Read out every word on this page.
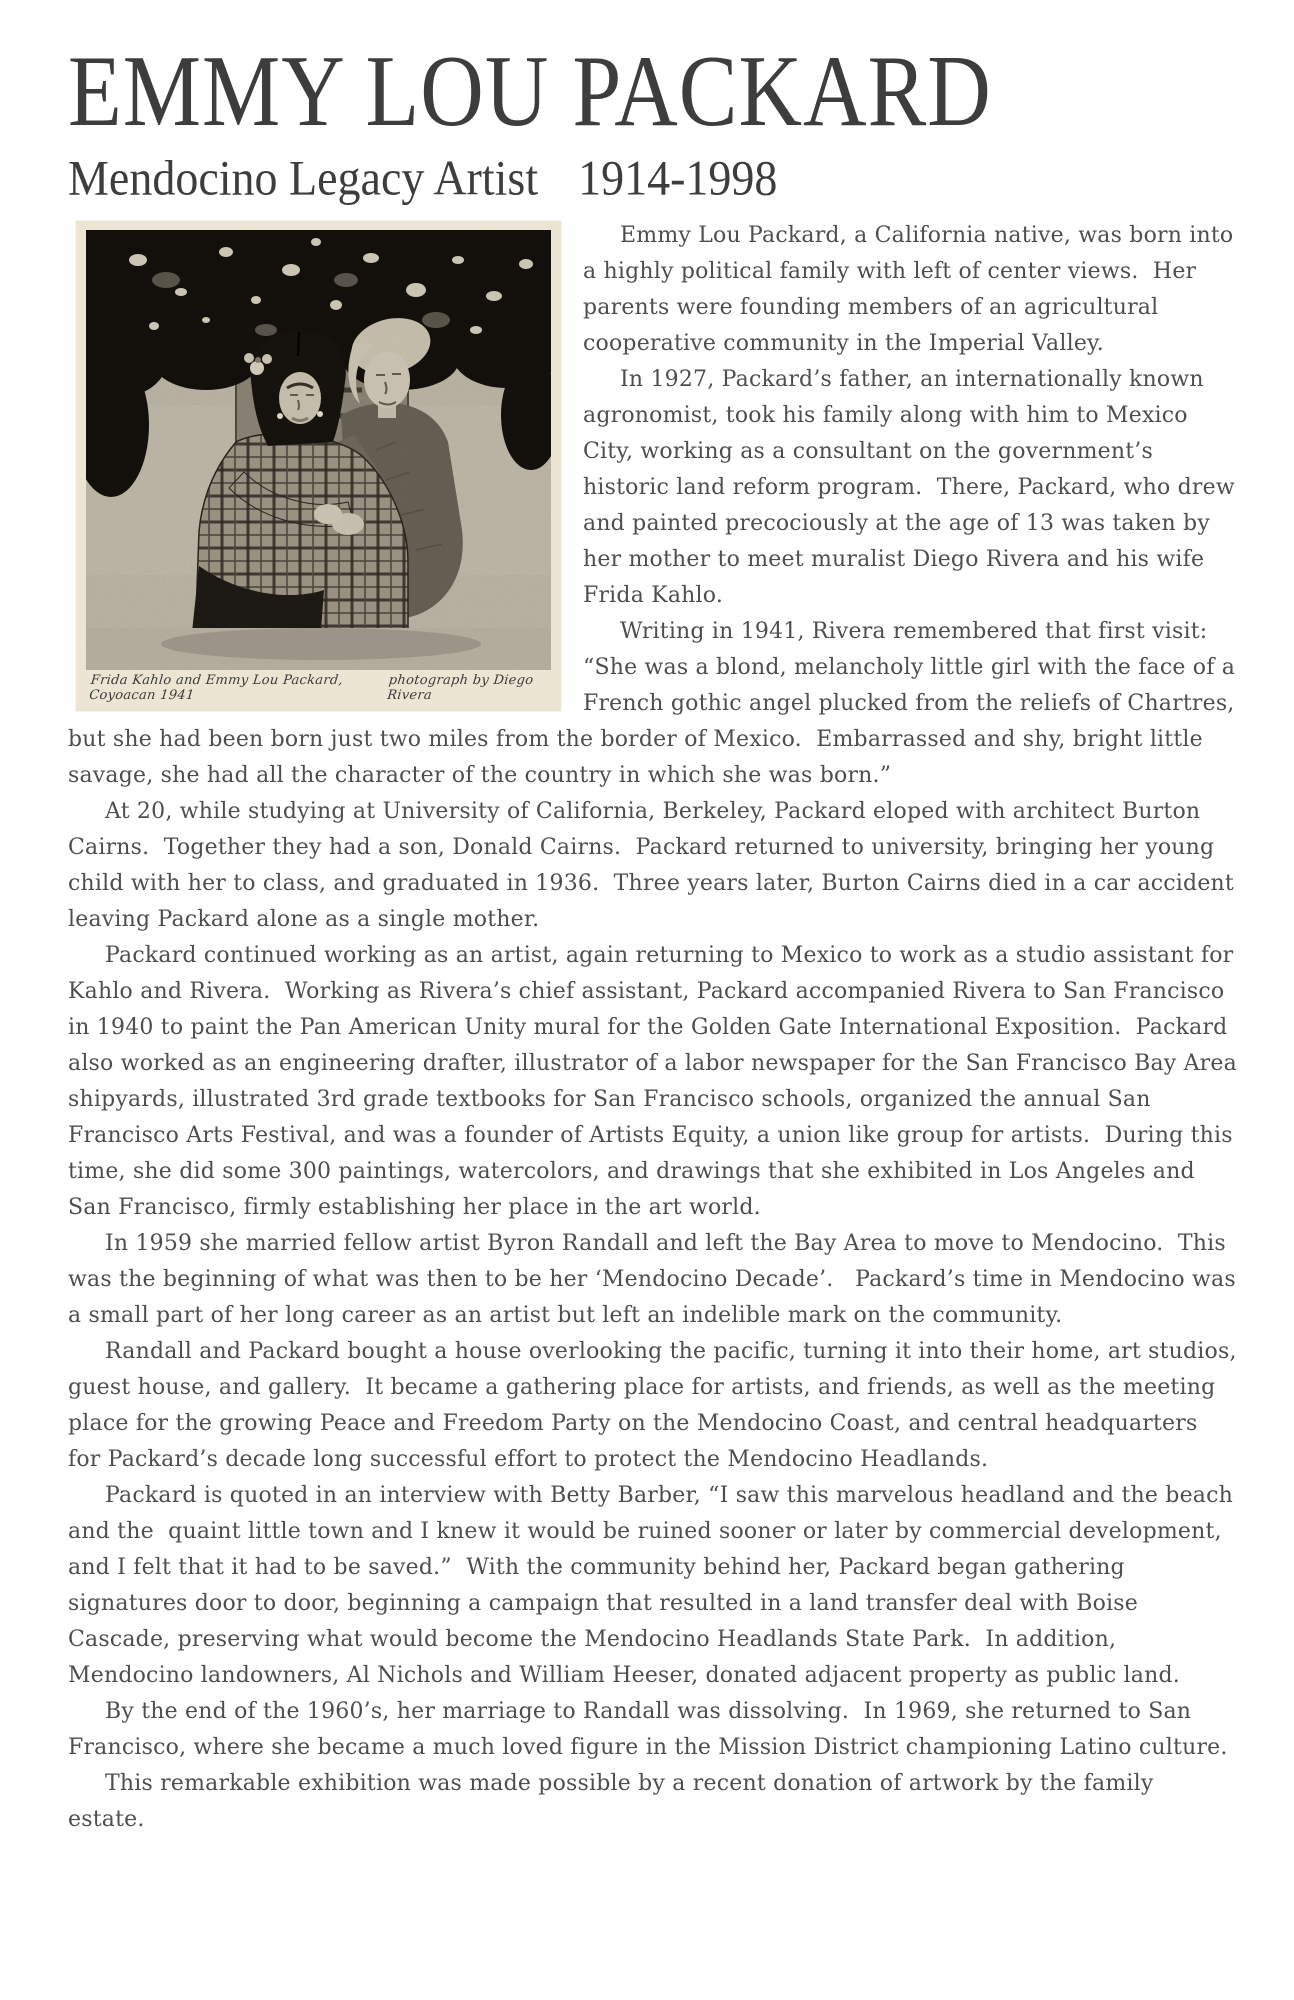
EMMY LOU PACKARD
Mendocino Legacy Artist 1914-1998
Frida Kahlo and Emmy Lou Packard, Coyoacan 1941
photograph by Diego Rivera

Emmy Lou Packard, a California native, was born into a highly political family with left of center views.  Her parents were founding members of an agricultural cooperative community in the Imperial Valley.

In 1927, Packard’s father, an internationally known agronomist, took his family along with him to Mexico City, working as a consultant on the government’s historic land reform program.  There, Packard, who drew and painted precociously at the age of 13 was taken by her mother to meet muralist Diego Rivera and his wife Frida Kahlo.

Writing in 1941, Rivera remembered that first visit: “She was a blond, melancholy little girl with the face of a French gothic angel plucked from the reliefs of Chartres, but she had been born just two miles from the border of Mexico.  Embarrassed and shy, bright little savage, she had all the character of the country in which she was born.”

At 20, while studying at University of California, Berkeley, Packard eloped with architect Burton Cairns.  Together they had a son, Donald Cairns.  Packard returned to university, bringing her young child with her to class, and graduated in 1936.  Three years later, Burton Cairns died in a car accident leaving Packard alone as a single mother.

Packard continued working as an artist, again returning to Mexico to work as a studio assistant for Kahlo and Rivera.  Working as Rivera’s chief assistant, Packard accompanied Rivera to San Francisco in 1940 to paint the Pan American Unity mural for the Golden Gate International Exposition.  Packard also worked as an engineering drafter, illustrator of a labor newspaper for the San Francisco Bay Area shipyards, illustrated 3rd grade textbooks for San Francisco schools, organized the annual San Francisco Arts Festival, and was a founder of Artists Equity, a union like group for artists.  During this time, she did some 300 paintings, watercolors, and drawings that she exhibited in Los Angeles and San Francisco, firmly establishing her place in the art world.

In 1959 she married fellow artist Byron Randall and left the Bay Area to move to Mendocino.  This was the beginning of what was then to be her ‘Mendocino Decade’.   Packard’s time in Mendocino was a small part of her long career as an artist but left an indelible mark on the community.

Randall and Packard bought a house overlooking the pacific, turning it into their home, art studios, guest house, and gallery.  It became a gathering place for artists, and friends, as well as the meeting place for the growing Peace and Freedom Party on the Mendocino Coast, and central headquarters for Packard’s decade long successful effort to protect the Mendocino Headlands.

Packard is quoted in an interview with Betty Barber, “I saw this marvelous headland and the beach and the  quaint little town and I knew it would be ruined sooner or later by commercial development, and I felt that it had to be saved.”  With the community behind her, Packard began gathering signatures door to door, beginning a campaign that resulted in a land transfer deal with Boise Cascade, preserving what would become the Mendocino Headlands State Park.  In addition, Mendocino landowners, Al Nichols and William Heeser, donated adjacent property as public land.

By the end of the 1960’s, her marriage to Randall was dissolving.  In 1969, she returned to San Francisco, where she became a much loved figure in the Mission District championing Latino culture.

This remarkable exhibition was made possible by a recent donation of artwork by the family estate.
